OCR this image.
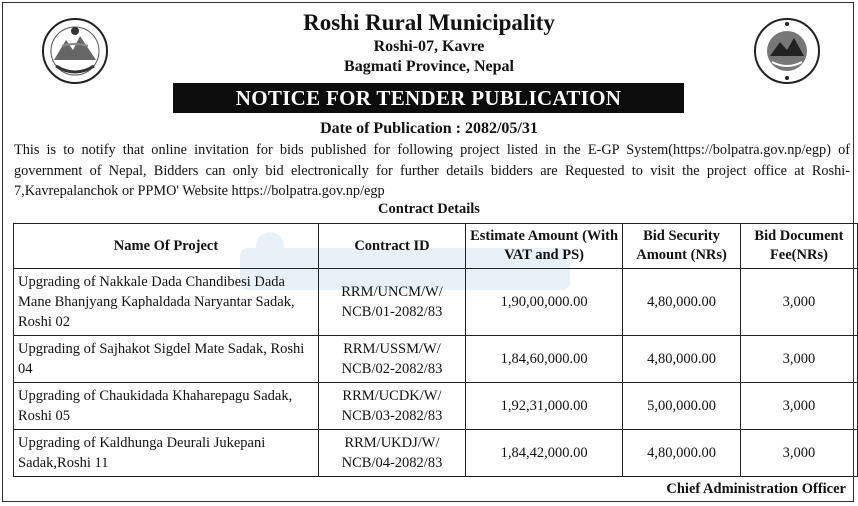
Roshi Rural Municipality
Roshi-07, Kavre
Bagmati Province, Nepal
NOTICE FOR TENDER PUBLICATION
Date of Publication : 2082/05/31
This is to notify that online invitation for bids published for following project listed in the E-GP System(https://bolpatra.gov.np/egp) of government of Nepal, Bidders can only bid electronically for further details bidders are Requested to visit the project office at Roshi-7,Kavrepalanchok or PPMO' Website https://bolpatra.gov.np/egp
Contract Details
Name Of Project	Contract ID	Estimate Amount (With VAT and PS)	Bid Security Amount (NRs)	Bid Document Fee(NRs)
Upgrading of Nakkale Dada Chandibesi Dada Mane Bhanjyang Kaphaldada Naryantar Sadak, Roshi 02	RRM/UNCM/W/ NCB/01-2082/83	1,90,00,000.00	4,80,000.00	3,000
Upgrading of Sajhakot Sigdel Mate Sadak, Roshi 04	RRM/USSM/W/ NCB/02-2082/83	1,84,60,000.00	4,80,000.00	3,000
Upgrading of Chaukidada Khaharepagu Sadak, Roshi 05	RRM/UCDK/W/ NCB/03-2082/83	1,92,31,000.00	5,00,000.00	3,000
Upgrading of Kaldhunga Deurali Jukepani Sadak,Roshi 11	RRM/UKDJ/W/ NCB/04-2082/83	1,84,42,000.00	4,80,000.00	3,000
Chief Administration Officer
